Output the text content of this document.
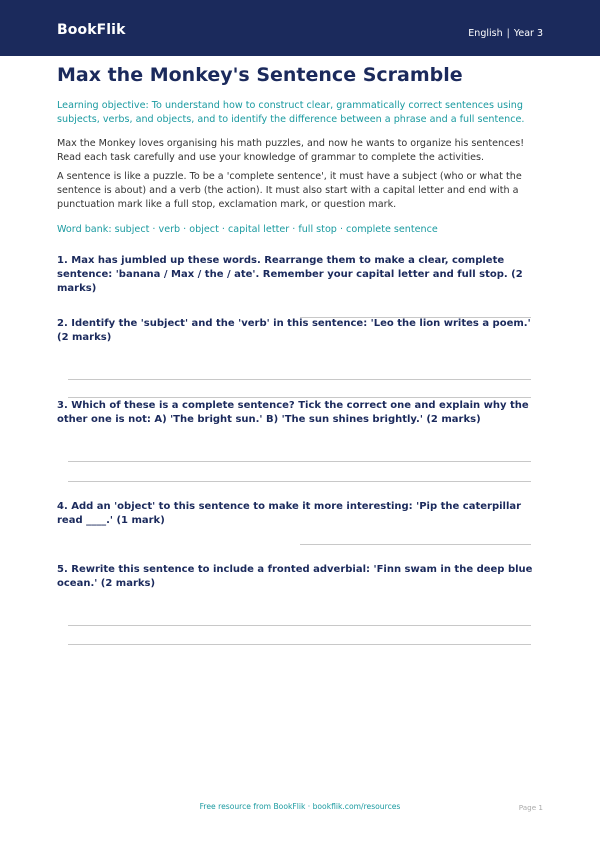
BookFlik	English | Year 3
Max the Monkey's Sentence Scramble
Learning objective: To understand how to construct clear, grammatically correct sentences using subjects, verbs, and objects, and to identify the difference between a phrase and a full sentence.
Max the Monkey loves organising his math puzzles, and now he wants to organize his sentences! Read each task carefully and use your knowledge of grammar to complete the activities.
A sentence is like a puzzle. To be a 'complete sentence', it must have a subject (who or what the sentence is about) and a verb (the action). It must also start with a capital letter and end with a punctuation mark like a full stop, exclamation mark, or question mark.
Word bank: subject · verb · object · capital letter · full stop · complete sentence
1. Max has jumbled up these words. Rearrange them to make a clear, complete sentence: 'banana / Max / the / ate'. Remember your capital letter and full stop. (2 marks)
2. Identify the 'subject' and the 'verb' in this sentence: 'Leo the lion writes a poem.' (2 marks)
3. Which of these is a complete sentence? Tick the correct one and explain why the other one is not: A) 'The bright sun.' B) 'The sun shines brightly.' (2 marks)
4. Add an 'object' to this sentence to make it more interesting: 'Pip the caterpillar read ____.' (1 mark)
5. Rewrite this sentence to include a fronted adverbial: 'Finn swam in the deep blue ocean.' (2 marks)
Free resource from BookFlik · bookflik.com/resources	Page 1
